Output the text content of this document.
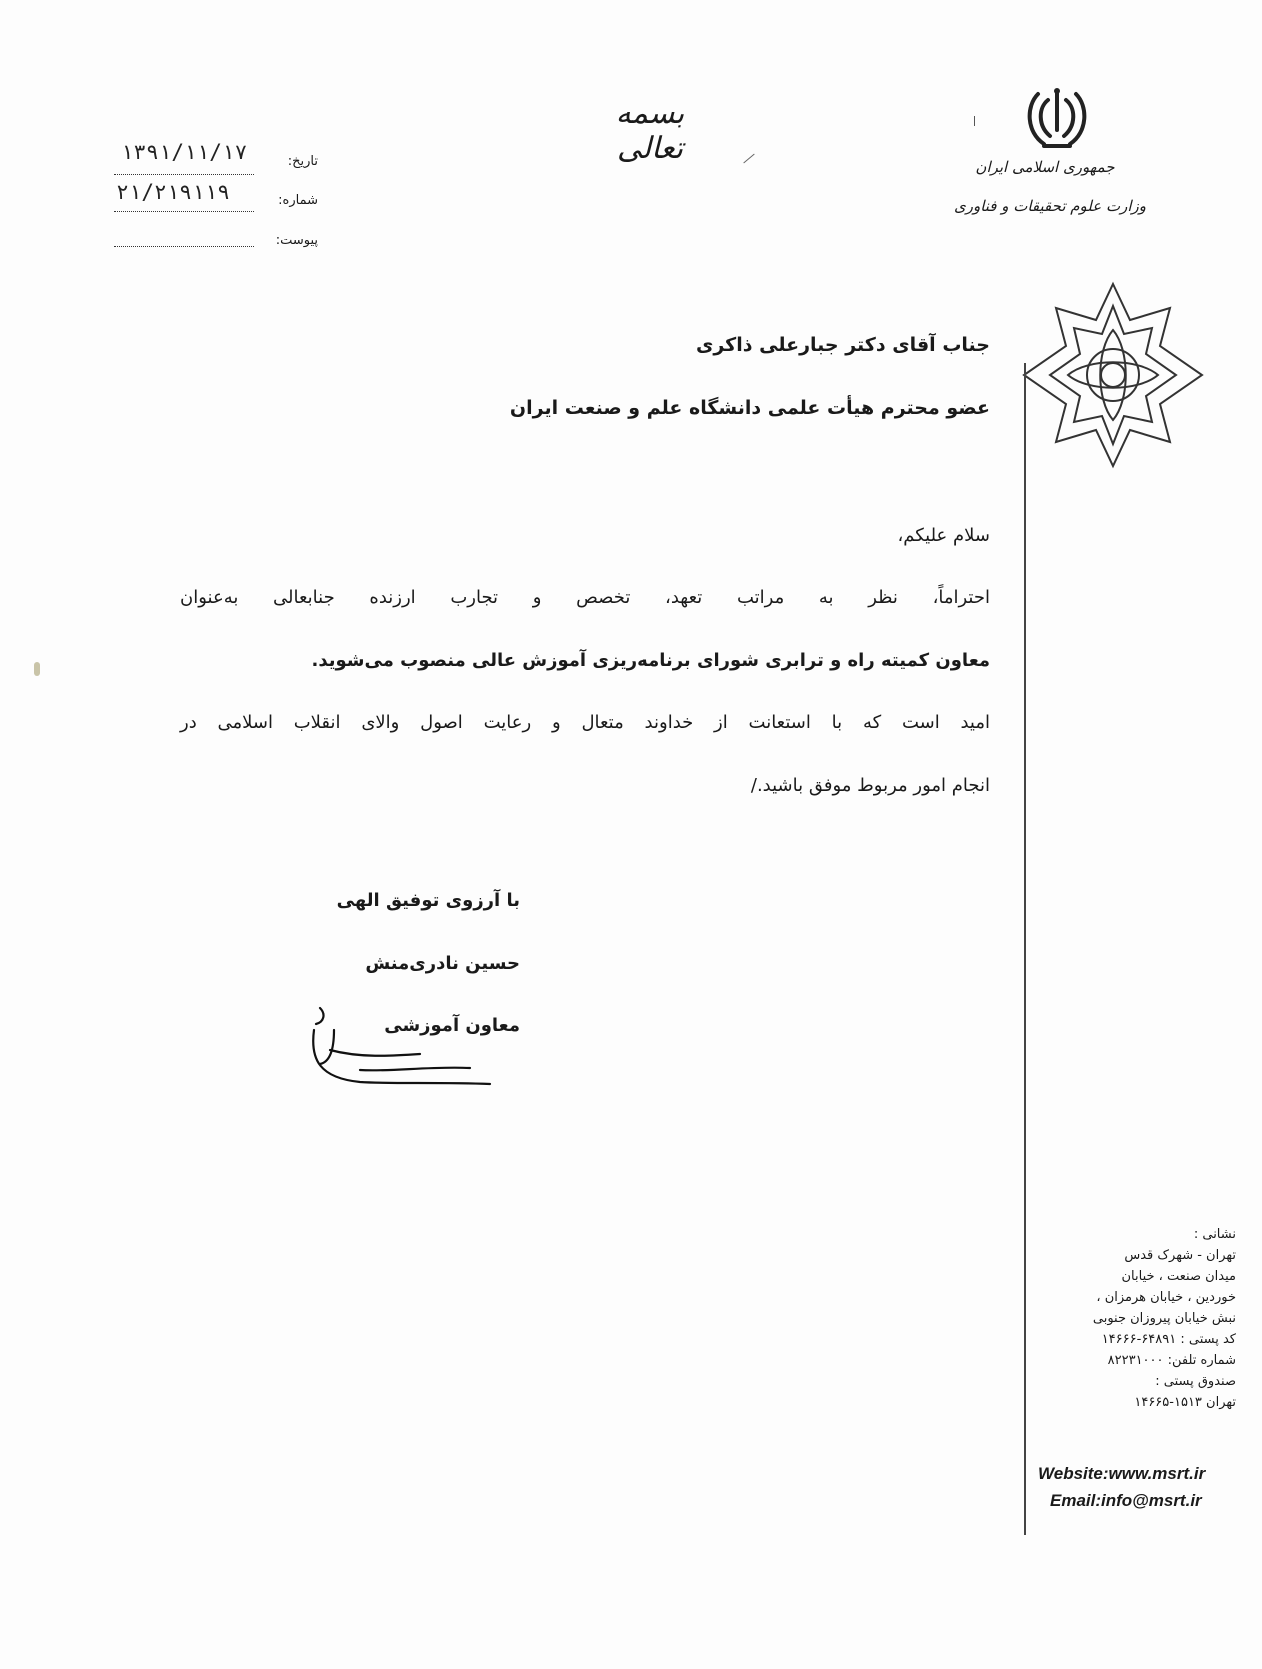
بسمه تعالی
جمهوری اسلامی ایران
وزارت علوم تحقیقات و فناوری
تاریخ:
۱۳۹۱/۱۱/۱۷
شماره:
۲۱/۲۱۹۱۱۹
پیوست:
جناب آقای دکتر جبارعلی ذاکری
عضو محترم هیأت علمی دانشگاه علم و صنعت ایران
سلام علیکم،
احتراماً، نظر به مراتب تعهد، تخصص و تجارب ارزنده جنابعالی به‌عنوان
معاون کمیته راه و ترابری شورای برنامه‌ریزی آموزش عالی منصوب می‌شوید.
امید است که با استعانت از خداوند متعال و رعایت اصول والای انقلاب اسلامی در
انجام امور مربوط موفق باشید./
با آرزوی توفیق الهی
حسین نادری‌منش
معاون آموزشی
نشانی :
تهران - شهرک قدس
میدان صنعت ، خیابان
خوردین ، خیابان هرمزان ،
نبش خیابان پیروزان جنوبی
کد پستی : ۶۴۸۹۱-۱۴۶۶۶
شماره تلفن: ۸۲۲۳۱۰۰۰
صندوق پستی :
تهران ۱۵۱۳-۱۴۶۶۵
Website:www.msrt.ir
Email:info@msrt.ir
